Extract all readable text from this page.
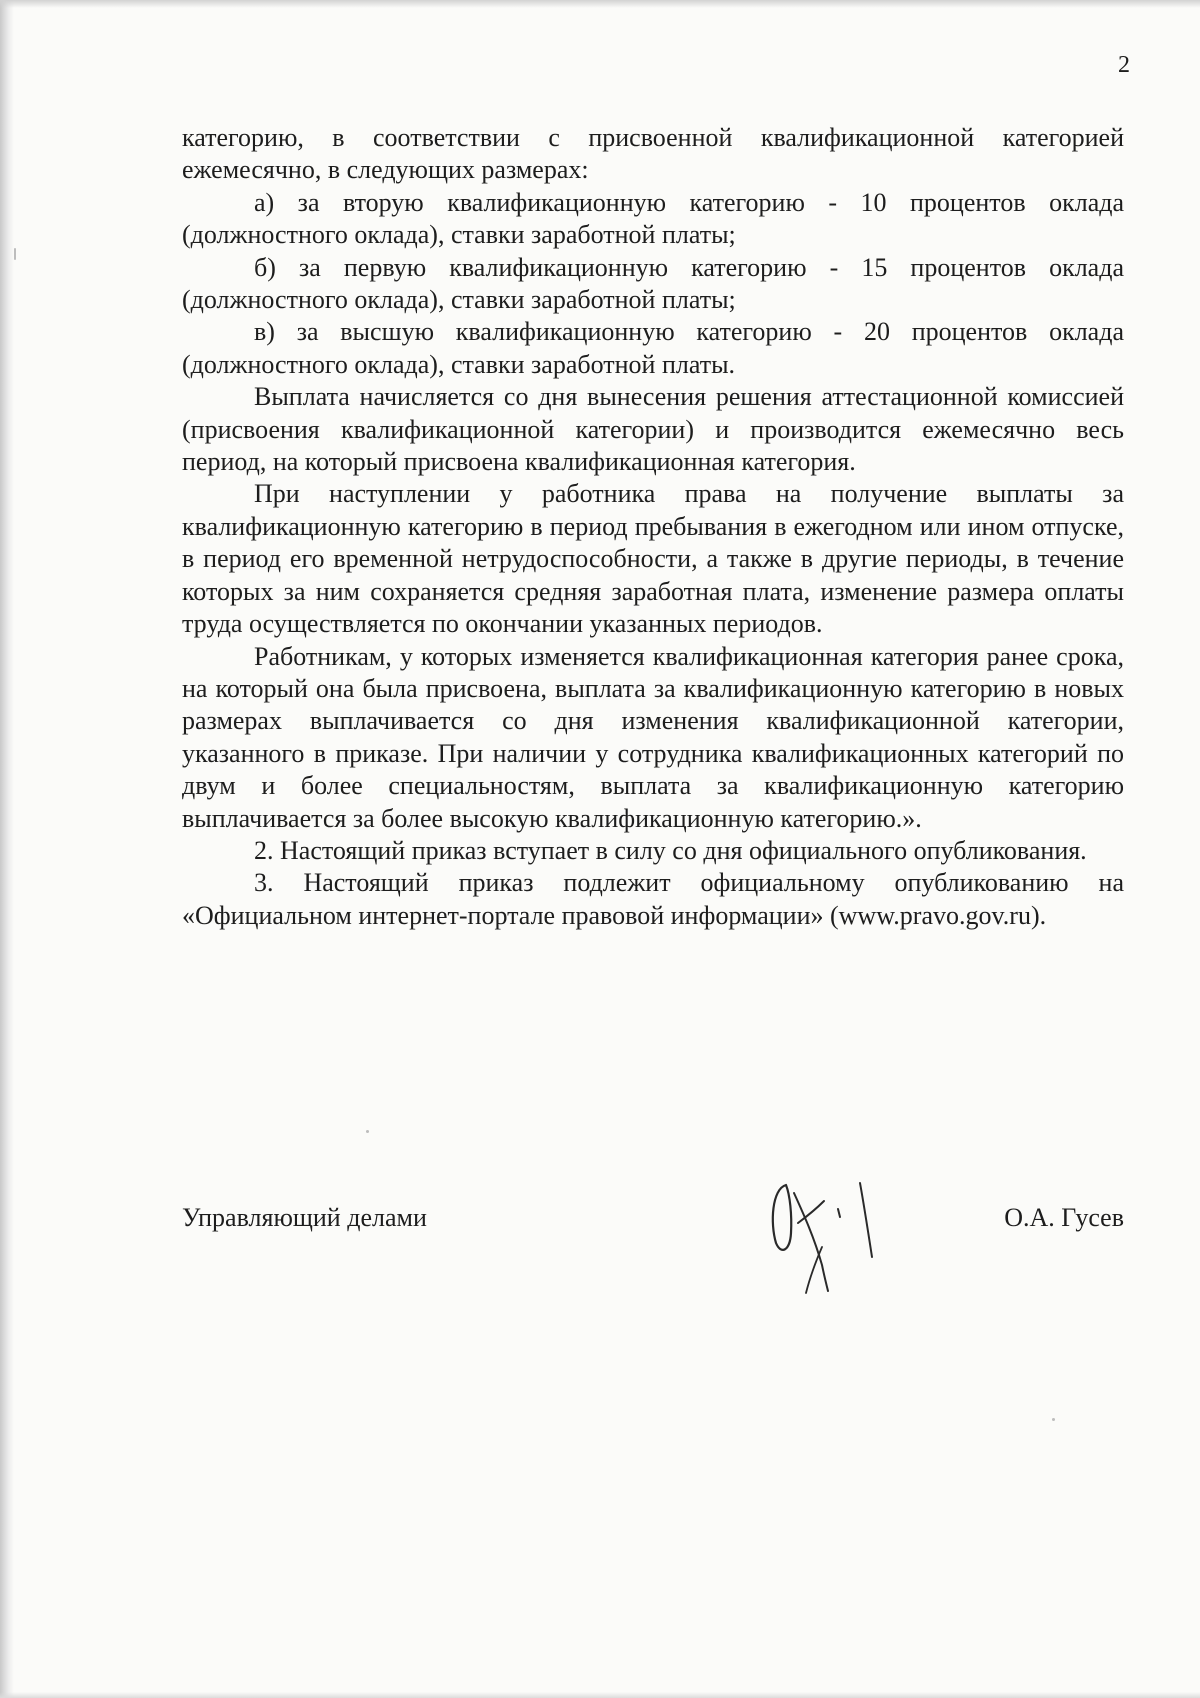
2

категорию, в соответствии с присвоенной квалификационной категорией ежемесячно, в следующих размерах:

а) за вторую квалификационную категорию - 10 процентов оклада (должностного оклада), ставки заработной платы;

б) за первую квалификационную категорию - 15 процентов оклада (должностного оклада), ставки заработной платы;

в) за высшую квалификационную категорию - 20 процентов оклада (должностного оклада), ставки заработной платы.

Выплата начисляется со дня вынесения решения аттестационной комиссией (присвоения квалификационной категории) и производится ежемесячно весь период, на который присвоена квалификационная категория.

При наступлении у работника права на получение выплаты за квалификационную категорию в период пребывания в ежегодном или ином отпуске, в период его временной нетрудоспособности, а также в другие периоды, в течение которых за ним сохраняется средняя заработная плата, изменение размера оплаты труда осуществляется по окончании указанных периодов.

Работникам, у которых изменяется квалификационная категория ранее срока, на который она была присвоена, выплата за квалификационную категорию в новых размерах выплачивается со дня изменения квалификационной категории, указанного в приказе. При наличии у сотрудника квалификационных категорий по двум и более специальностям, выплата за квалификационную категорию выплачивается за более высокую квалификационную категорию.».

2. Настоящий приказ вступает в силу со дня официального опубликования.

3. Настоящий приказ подлежит официальному опубликованию на «Официальном интернет-портале правовой информации» (www.pravo.gov.ru).

Управляющий делами	О.А. Гусев
